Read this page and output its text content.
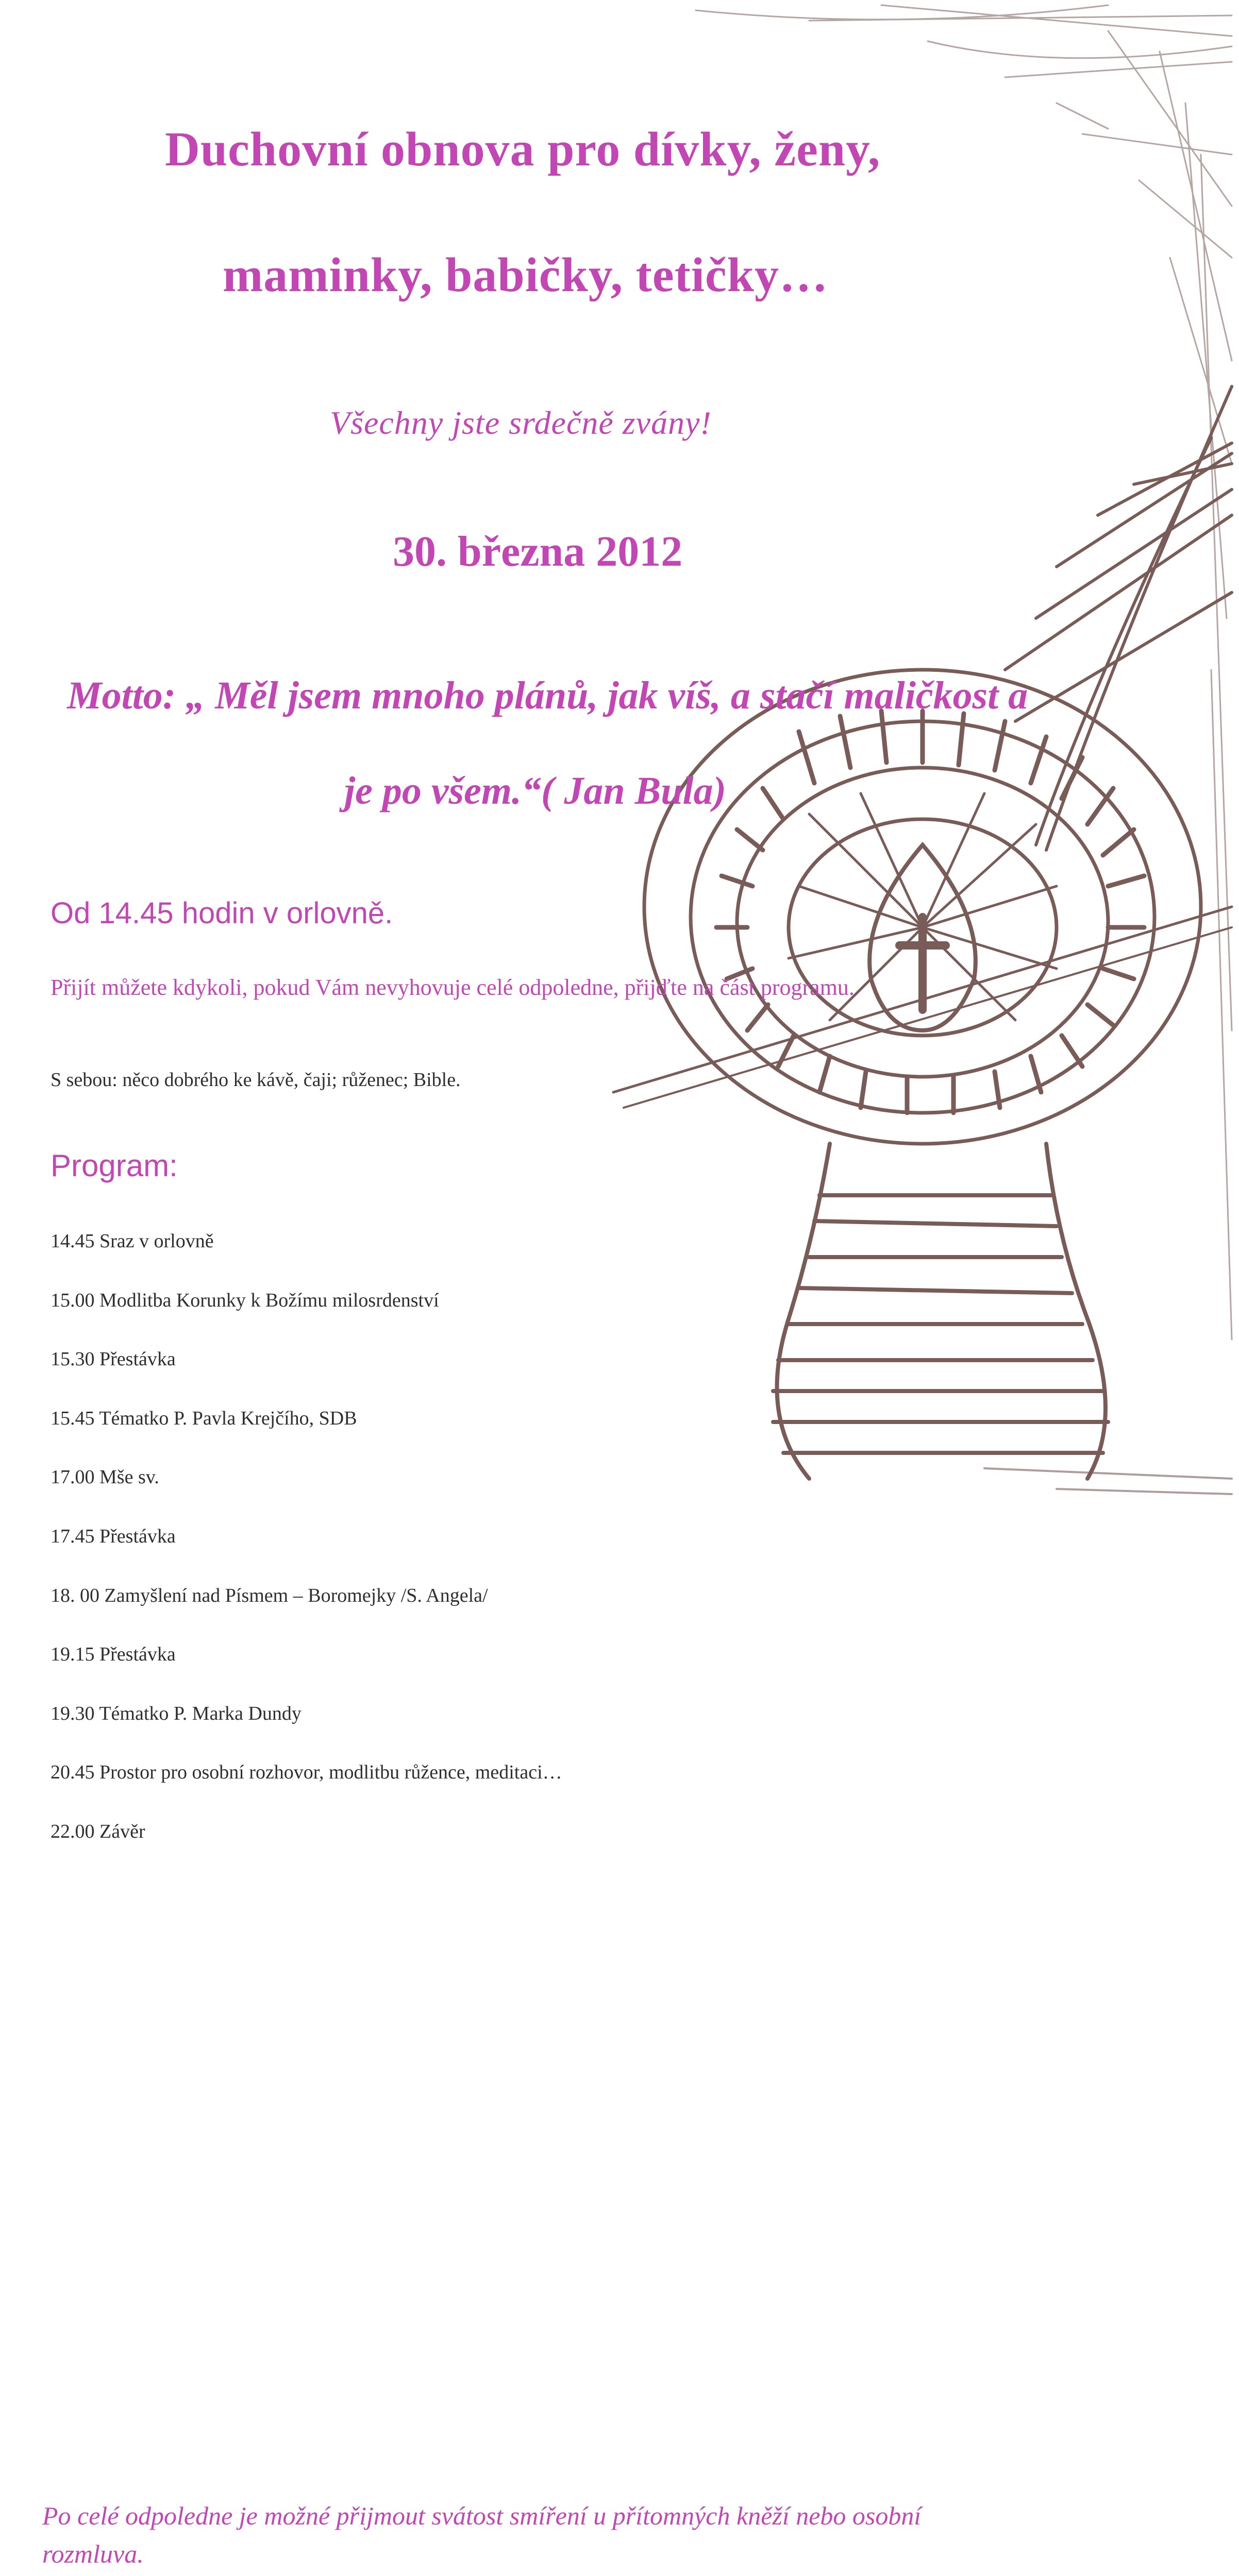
Duchovní obnova pro dívky, ženy,
maminky, babičky, tetičky…
Všechny jste srdečně zvány!
30. března 2012
Motto: „ Měl jsem mnoho plánů, jak víš, a stačí maličkost a
je po všem.“( Jan Bula)
Od 14.45 hodin v orlovně.
Přijít můžete kdykoli, pokud Vám nevyhovuje celé odpoledne, přijďte na část programu.
S sebou: něco dobrého ke kávě, čaji; růženec; Bible.
Program:
14.45 Sraz v orlovně
15.00 Modlitba Korunky k Božímu milosrdenství
15.30 Přestávka
15.45 Tématko P. Pavla Krejčího, SDB
17.00 Mše sv.
17.45 Přestávka
18. 00 Zamyšlení nad Písmem – Boromejky /S. Angela/
19.15 Přestávka
19.30 Tématko P. Marka Dundy
20.45 Prostor pro osobní rozhovor, modlitbu růžence, meditaci…
22.00 Závěr
Po celé odpoledne je možné přijmout svátost smíření u přítomných kněží nebo osobní rozmluva.
